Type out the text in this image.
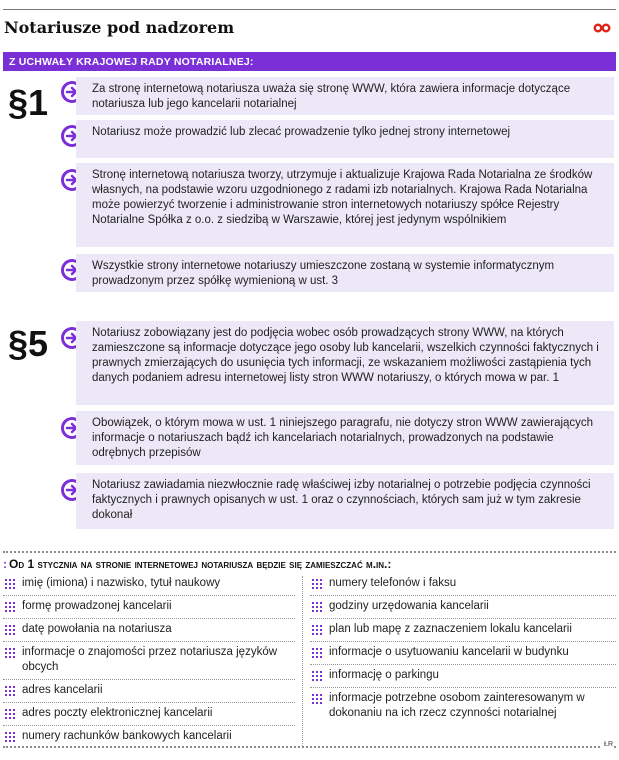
Notariusze pod nadzorem
Z UCHWAŁY KRAJOWEJ RADY NOTARIALNEJ:
§1	Za stronę internetową notariusza uważa się stronę WWW, która zawiera informacje dotyczące notariusza lub jego kancelarii notarialnej
Notariusz może prowadzić lub zlecać prowadzenie tylko jednej strony internetowej
Stronę internetową notariusza tworzy, utrzymuje i aktualizuje Krajowa Rada Notarialna ze środków własnych, na podstawie wzoru uzgodnionego z radami izb notarialnych. Krajowa Rada Notarialna może powierzyć tworzenie i administrowanie stron internetowych notariuszy spółce Rejestry Notarialne Spółka z o.o. z siedzibą w Warszawie, której jest jedynym wspólnikiem
Wszystkie strony internetowe notariuszy umieszczone zostaną w systemie informatycznym prowadzonym przez spółkę wymienioną w ust. 3
§5	Notariusz zobowiązany jest do podjęcia wobec osób prowadzących strony WWW, na których zamieszczone są informacje dotyczące jego osoby lub kancelarii, wszelkich czynności faktycznych i prawnych zmierzających do usunięcia tych informacji, ze wskazaniem możliwości zastąpienia tych danych podaniem adresu internetowej listy stron WWW notariuszy, o których mowa w par. 1
Obowiązek, o którym mowa w ust. 1 niniejszego paragrafu, nie dotyczy stron WWW zawierających informacje o notariuszach bądź ich kancelariach notarialnych, prowadzonych na podstawie odrębnych przepisów
Notariusz zawiadamia niezwłocznie radę właściwej izby notarialnej o potrzebie podjęcia czynności faktycznych i prawnych opisanych w ust. 1 oraz o czynnościach, których sam już w tym zakresie dokonał
: Od 1 stycznia na stronie internetowej notariusza będzie się zamieszczać m.in.:
imię (imiona) i nazwisko, tytuł naukowy
formę prowadzonej kancelarii
datę powołania na notariusza
informacje o znajomości przez notariusza języków obcych
adres kancelarii
adres poczty elektronicznej kancelarii
numery rachunków bankowych kancelarii
numery telefonów i faksu
godziny urzędowania kancelarii
plan lub mapę z zaznaczeniem lokalu kancelarii
informacje o usytuowaniu kancelarii w budynku
informację o parkingu
informacje potrzebne osobom zainteresowanym w dokonaniu na ich rzecz czynności notarialnej
ŁR
